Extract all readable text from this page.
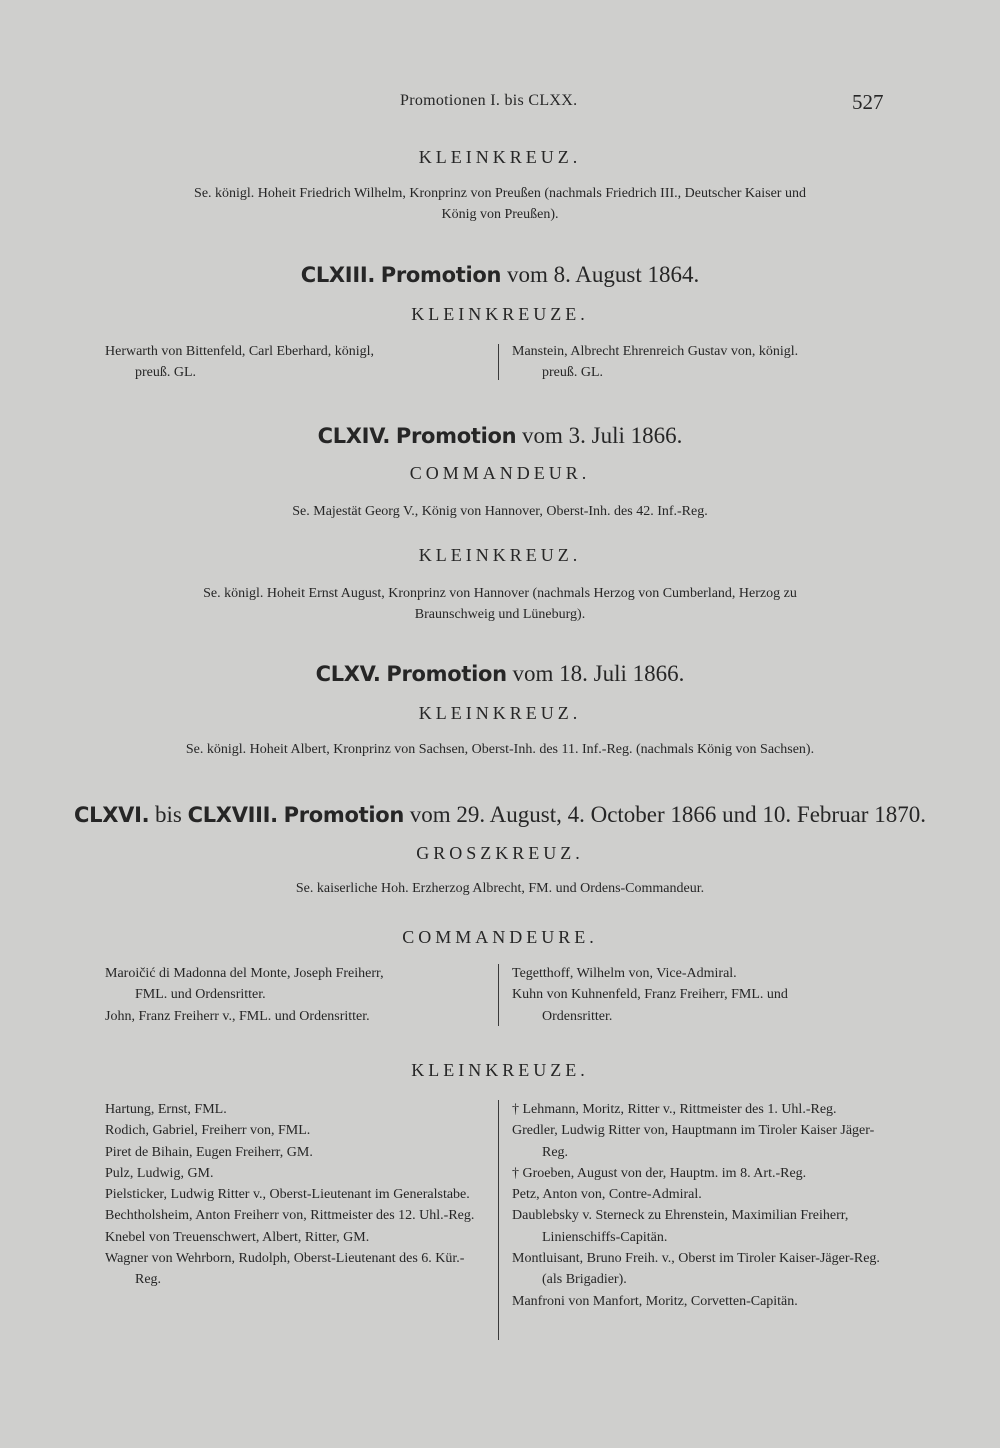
Promotionen I. bis CLXX.	527
KLEINKREUZ.
Se. königl. Hoheit Friedrich Wilhelm, Kronprinz von Preußen (nachmals Friedrich III., Deutscher Kaiser und
König von Preußen).
CLXIII. Promotion vom 8. August 1864.
KLEINKREUZE.
Herwarth von Bittenfeld, Carl Eberhard, königl,
preuß. GL.
Manstein, Albrecht Ehrenreich Gustav von, königl.
preuß. GL.
CLXIV. Promotion vom 3. Juli 1866.
COMMANDEUR.
Se. Majestät Georg V., König von Hannover, Oberst-Inh. des 42. Inf.-Reg.
KLEINKREUZ.
Se. königl. Hoheit Ernst August, Kronprinz von Hannover (nachmals Herzog von Cumberland, Herzog zu
Braunschweig und Lüneburg).
CLXV. Promotion vom 18. Juli 1866.
KLEINKREUZ.
Se. königl. Hoheit Albert, Kronprinz von Sachsen, Oberst-Inh. des 11. Inf.-Reg. (nachmals König von Sachsen).
CLXVI. bis CLXVIII. Promotion vom 29. August, 4. October 1866 und 10. Februar 1870.
GROSZKREUZ.
Se. kaiserliche Hoh. Erzherzog Albrecht, FM. und Ordens-Commandeur.
COMMANDEURE.
Maroičić di Madonna del Monte, Joseph Freiherr,
FML. und Ordensritter.
John, Franz Freiherr v., FML. und Ordensritter.
Tegetthoff, Wilhelm von, Vice-Admiral.
Kuhn von Kuhnenfeld, Franz Freiherr, FML. und
Ordensritter.
KLEINKREUZE.
Hartung, Ernst, FML.
Rodich, Gabriel, Freiherr von, FML.
Piret de Bihain, Eugen Freiherr, GM.
Pulz, Ludwig, GM.
Pielsticker, Ludwig Ritter v., Oberst-Lieutenant im Generalstabe.
Bechtholsheim, Anton Freiherr von, Rittmeister des 12. Uhl.-Reg.
Knebel von Treuenschwert, Albert, Ritter, GM.
Wagner von Wehrborn, Rudolph, Oberst-Lieutenant des 6. Kür.-Reg.
† Lehmann, Moritz, Ritter v., Rittmeister des 1. Uhl.-Reg.
Gredler, Ludwig Ritter von, Hauptmann im Tiroler Kaiser Jäger-Reg.
† Groeben, August von der, Hauptm. im 8. Art.-Reg.
Petz, Anton von, Contre-Admiral.
Daublebsky v. Sterneck zu Ehrenstein, Maximilian Freiherr, Linienschiffs-Capitän.
Montluisant, Bruno Freih. v., Oberst im Tiroler Kaiser-Jäger-Reg. (als Brigadier).
Manfroni von Manfort, Moritz, Corvetten-Capitän.
